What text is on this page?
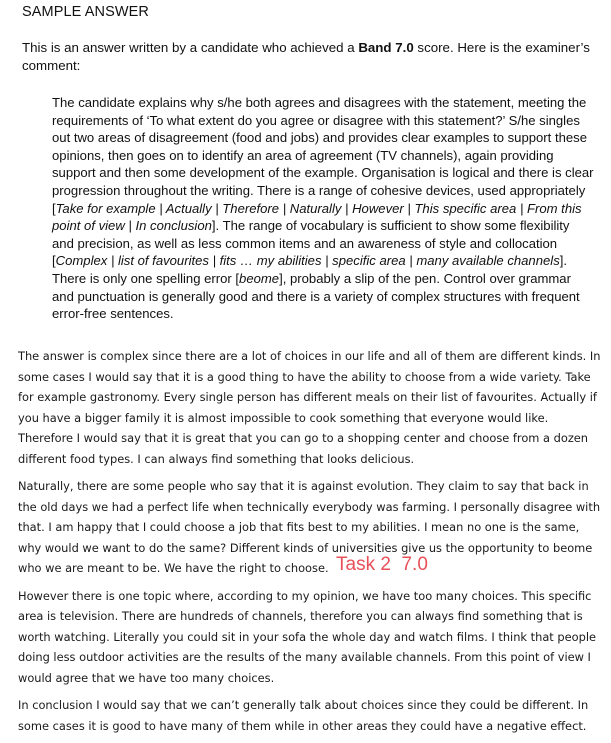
SAMPLE ANSWER
This is an answer written by a candidate who achieved a Band 7.0 score. Here is the examiner’s comment:
The candidate explains why s/he both agrees and disagrees with the statement, meeting the requirements of ‘To what extent do you agree or disagree with this statement?’ S/he singles out two areas of disagreement (food and jobs) and provides clear examples to support these opinions, then goes on to identify an area of agreement (TV channels), again providing support and then some development of the example. Organisation is logical and there is clear progression throughout the writing. There is a range of cohesive devices, used appropriately [Take for example | Actually | Therefore | Naturally | However | This specific area | From this point of view | In conclusion]. The range of vocabulary is sufficient to show some flexibility and precision, as well as less common items and an awareness of style and collocation [Complex | list of favourites | fits … my abilities | specific area | many available channels]. There is only one spelling error [beome], probably a slip of the pen. Control over grammar and punctuation is generally good and there is a variety of complex structures with frequent error-free sentences.

The answer is complex since there are a lot of choices in our life and all of them are different kinds. In some cases I would say that it is a good thing to have the ability to choose from a wide variety. Take for example gastronomy. Every single person has different meals on their list of favourites. Actually if you have a bigger family it is almost impossible to cook something that everyone would like. Therefore I would say that it is great that you can go to a shopping center and choose from a dozen different food types. I can always find something that looks delicious.

Naturally, there are some people who say that it is against evolution. They claim to say that back in the old days we had a perfect life when technically everybody was farming. I personally disagree with that. I am happy that I could choose a job that fits best to my abilities. I mean no one is the same, why would we want to do the same? Different kinds of universities give us the opportunity to beome who we are meant to be. We have the right to choose.

However there is one topic where, according to my opinion, we have too many choices. This specific area is television. There are hundreds of channels, therefore you can always find something that is worth watching. Literally you could sit in your sofa the whole day and watch films. I think that people doing less outdoor activities are the results of the many available channels. From this point of view I would agree that we have too many choices.

In conclusion I would say that we can’t generally talk about choices since they could be different. In some cases it is good to have many of them while in other areas they could have a negative effect.

Task 2  7.0
